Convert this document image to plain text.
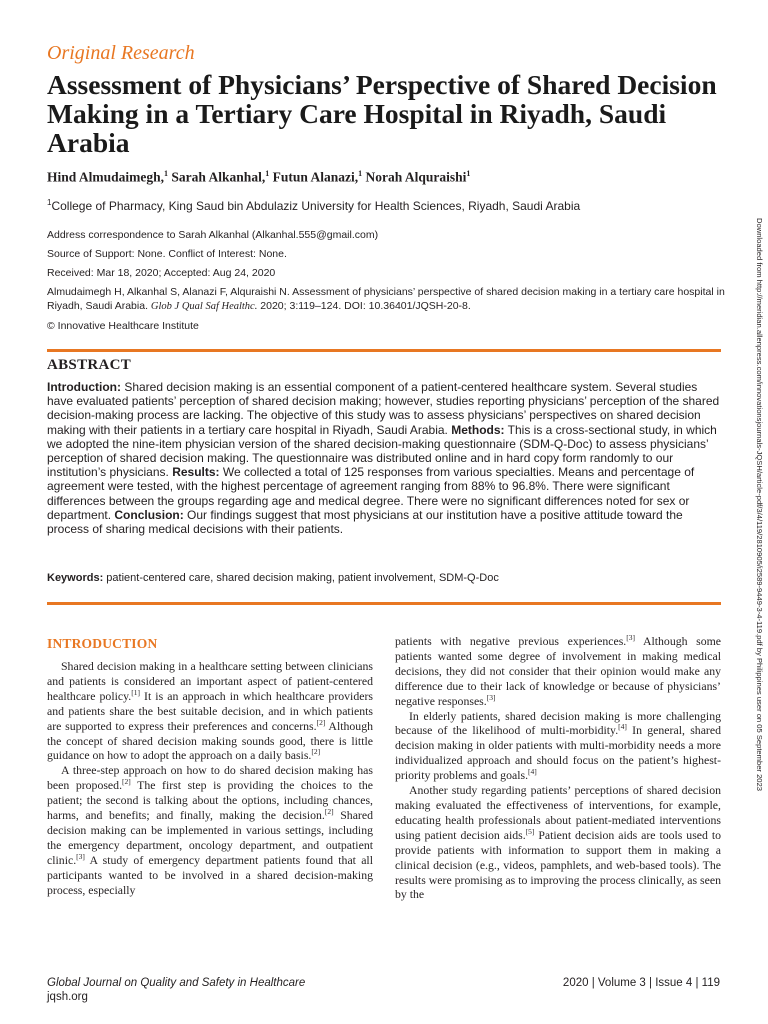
Original Research
Assessment of Physicians’ Perspective of Shared Decision Making in a Tertiary Care Hospital in Riyadh, Saudi Arabia
Hind Almudaimegh,$^1$ Sarah Alkanhal,$^1$ Futun Alanazi,$^1$ Norah Alquraishi$^1$
$^1$College of Pharmacy, King Saud bin Abdulaziz University for Health Sciences, Riyadh, Saudi Arabia
Address correspondence to Sarah Alkanhal (Alkanhal.555@gmail.com)
Source of Support: None. Conflict of Interest: None.
Received: Mar 18, 2020; Accepted: Aug 24, 2020
Almudaimegh H, Alkanhal S, Alanazi F, Alquraishi N. Assessment of physicians’ perspective of shared decision making in a tertiary care hospital in Riyadh, Saudi Arabia. Glob J Qual Saf Healthc. 2020; 3:119–124. DOI: 10.36401/JQSH-20-8.
© Innovative Healthcare Institute
ABSTRACT

Introduction: Shared decision making is an essential component of a patient-centered healthcare system. Several studies have evaluated patients’ perception of shared decision making; however, studies reporting physicians’ perception of the shared decision-making process are lacking. The objective of this study was to assess physicians’ perspectives on shared decision making with their patients in a tertiary care hospital in Riyadh, Saudi Arabia. Methods: This is a cross-sectional study, in which we adopted the nine-item physician version of the shared decision-making questionnaire (SDM-Q-Doc) to assess physicians’ perception of shared decision making. The questionnaire was distributed online and in hard copy form randomly to our institution’s physicians. Results: We collected a total of 125 responses from various specialties. Means and percentage of agreement were tested, with the highest percentage of agreement ranging from 88% to 96.8%. There were significant differences between the groups regarding age and medical degree. There were no significant differences noted for sex or department. Conclusion: Our findings suggest that most physicians at our institution have a positive attitude toward the process of sharing medical decisions with their patients.

Keywords: patient-centered care, shared decision making, patient involvement, SDM-Q-Doc
INTRODUCTION

Shared decision making in a healthcare setting between clinicians and patients is considered an important aspect of patient-centered healthcare policy.[1] It is an approach in which healthcare providers and patients share the best suitable decision, and in which patients are supported to express their preferences and concerns.[2] Although the concept of shared decision making sounds good, there is little guidance on how to adopt the approach on a daily basis.[2]

A three-step approach on how to do shared decision making has been proposed.[2] The first step is providing the choices to the patient; the second is talking about the options, including chances, harms, and benefits; and finally, making the decision.[2] Shared decision making can be implemented in various settings, including the emergency department, oncology department, and outpatient clinic.[3] A study of emergency department patients found that all participants wanted to be involved in a shared decision-making process, especially

patients with negative previous experiences.[3] Although some patients wanted some degree of involvement in making medical decisions, they did not consider that their opinion would make any difference due to their lack of knowledge or because of physicians’ negative responses.[3]

In elderly patients, shared decision making is more challenging because of the likelihood of multi-morbidity.[4] In general, shared decision making in older patients with multi-morbidity needs a more individualized approach and should focus on the patient’s highest-priority problems and goals.[4]

Another study regarding patients’ perceptions of shared decision making evaluated the effectiveness of interventions, for example, educating health professionals about patient-mediated interventions using patient decision aids.[5] Patient decision aids are tools used to provide patients with information to support them in making a clinical decision (e.g., videos, pamphlets, and web-based tools). The results were promising as to improving the process clinically, as seen by the

Global Journal on Quality and Safety in Healthcare
jqsh.org
2020 | Volume 3 | Issue 4 | 119
Downloaded from http://meridian.allenpress.com/innovationsjournals-JQSH/article-pdf/3/4/119/2810905/i2589-9449-3-4-119.pdf by Philippines user on 05 September 2023
